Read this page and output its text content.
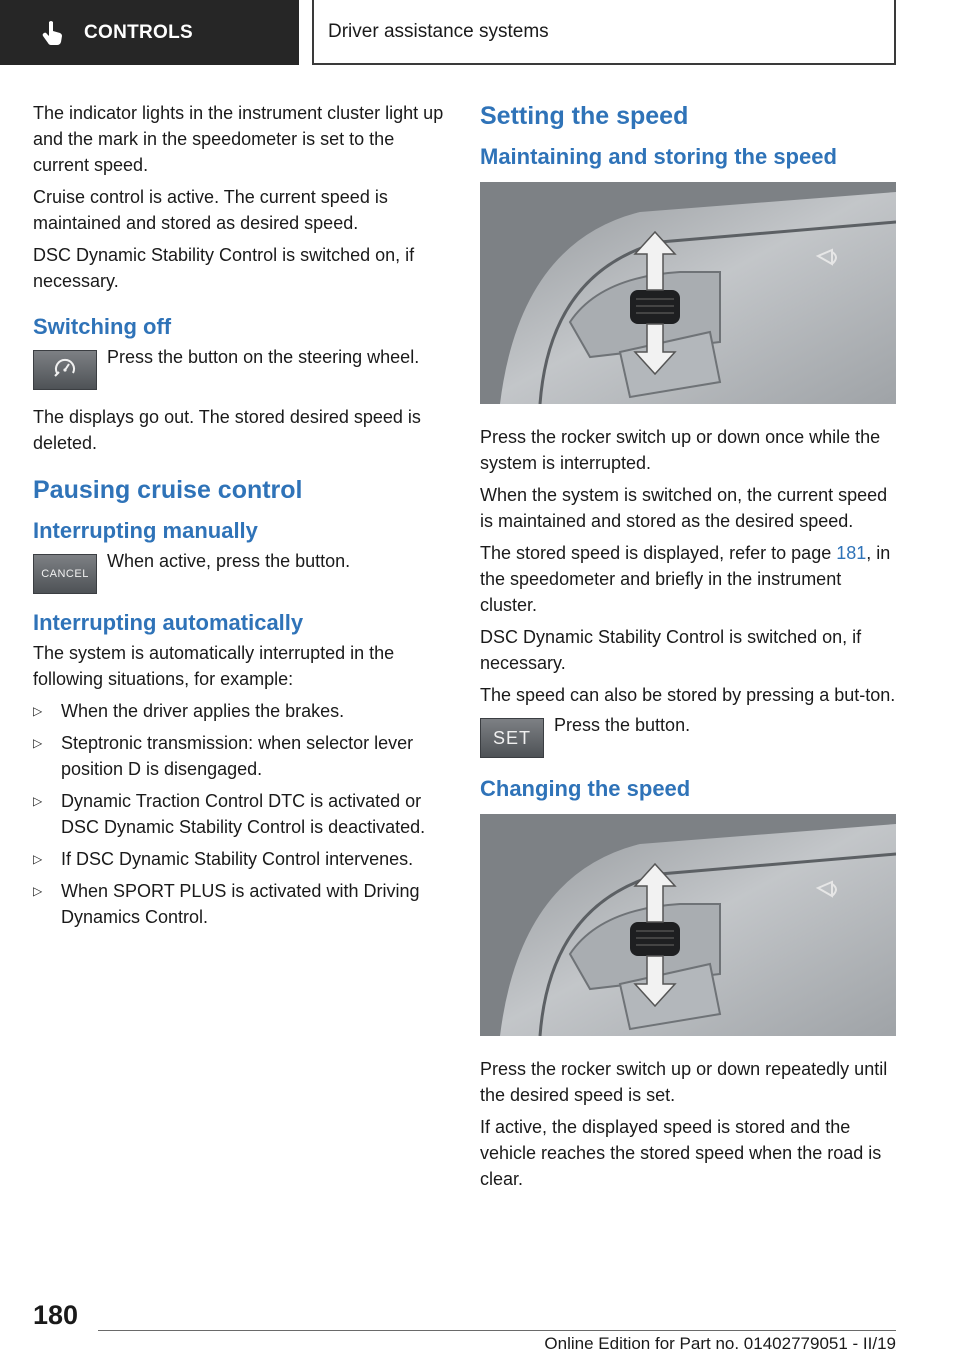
CONTROLS	Driver assistance systems

The indicator lights in the instrument cluster light up and the mark in the speedometer is set to the current speed.

Cruise control is active. The current speed is maintained and stored as desired speed.

DSC Dynamic Stability Control is switched on, if necessary.

Switching off
Press the button on the steering wheel.

The displays go out. The stored desired speed is deleted.

Pausing cruise control
Interrupting manually
CANCEL
When active, press the button.
Interrupting automatically

The system is automatically interrupted in the following situations, for example:

▷	When the driver applies the brakes.
▷	Steptronic transmission: when selector lever position D is disengaged.
▷	Dynamic Traction Control DTC is activated or DSC Dynamic Stability Control is deactivated.
▷	If DSC Dynamic Stability Control intervenes.
▷	When SPORT PLUS is activated with Driving Dynamics Control.
Setting the speed
Maintaining and storing the speed

Press the rocker switch up or down once while the system is interrupted.

When the system is switched on, the current speed is maintained and stored as the desired speed.

The stored speed is displayed, refer to page 181, in the speedometer and briefly in the instrument cluster.

DSC Dynamic Stability Control is switched on, if necessary.

The speed can also be stored by pressing a but-ton.

SET
Press the button.
Changing the speed

Press the rocker switch up or down repeatedly until the desired speed is set.

If active, the displayed speed is stored and the vehicle reaches the stored speed when the road is clear.

180
Online Edition for Part no. 01402779051 - II/19
